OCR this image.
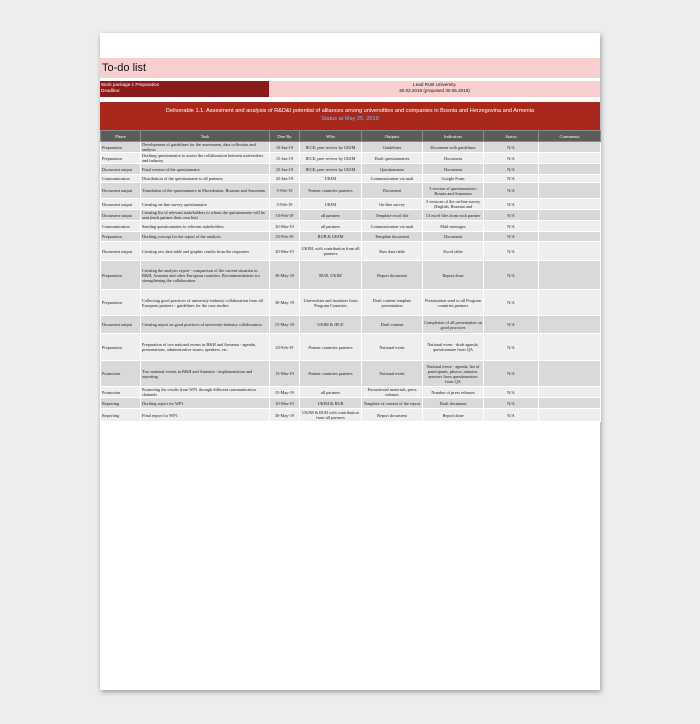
To-do list
Work package 1 Preparation
Deadline:
Lead RUB University
30.03.2019 (proposed 30.05.2019)
Deliverable 1.1. Assesment and analysis of R&D&I potential of alliances among universitties and companies in Bosnia and Herzegovina and Armenia
Status at May 25, 2019
Phase	Task	Due By	Who	Outputs	Indicators	Status	Comments
Preparation	Development of guidelines for the assessment, data collection and analysis	10-Jan-19	IECE; peer review by UKIM	Guidelines	Document with guidelines	N/A	
Preparation	Drafting questionnaire to assess the collaboration between universities and industry	15-Jan-19	IECE; peer review by UKIM	Draft questionnaires	Document	N/A	
Document output	Final version of the questionnaire	25-Jan-19	IECE; peer review by UKIM	Questionnaire	Document	N/A	
Communication	Distribution of the questionnaire to all partners	25-Jan-19	UKIM	Communication via mail	Google Form	N/A	
Document output	Translation of the questionnaire in Macedonian, Bosnian and Armenian	5-Feb-19	Partner countries partners	Document	3 version of questionnaires: Bosnia and Armenian	N/A	
Document output	Creating on-line survey questionnaire	5-Feb-19	UKIM	On-line survey	3 versions of the on-line survey (English, Bosnian and	N/A	
Document output	Creating list of relevant stakeholders to whom the questionnaire will be sent (each partner their own list)	10-Feb-19	all partners	Template excel file	13 excel files from each partner	N/A	
Communication	Sending questionnaires to relevant stakeholders	20-Mar-19	all partners	Communication via mail	Mail messages	N/A	
Preparation	Drafting concept for the report of the analysis	25-Feb-19	RUB & UKIM	Template document	Document	N/A	
Document output	Creating raw data table and graphic results from the responses	20-Mar-19	UKIM, with contribution from all partners	Raw data table	Excel table	N/A	
Preparation	Creating the analysis report - comparison of the current situation in B&H, Armenia and other European countries. Recommendations for strengthening the collaboration	30-May-19	RUB, UKIM	Report document	Report done	N/A	
Preparation	Collecting good practices of university-industry collaboration from all European partners - guidelines for the case studies	30-May-19	Universities and institutes from Program Countries	Draft content template presentation	Presentation send to all Program countries partners	N/A	
Document output	Creating report on good practices of university-industry collaboration	15-May-19	UKIM & IECE	Draft content	Completion of all presentation on good practices	N/A	
Preparation	Preparation of two national events in B&H and Armenia - agenda, presentations, administrative issues, speakers, etc.	25-Feb-19	Partner countries partners	National event	National event - draft agenda, questionnaire from QA	N/A	
Promotion	Two national events in B&H and Armenia - implementation and reporting	15-Mar-19	Partner countries partners	National event	National event - agenda, list of participants, photos, minutes, answers from questionnaires from QA	N/A	
Promotion	Promoting the results from WP1 through different communication channels	15-May-19	all partners	Promotional materials, press releases	Number of press releases	N/A	
Reporting	Drafting report for WP1	10-Mar-19	UKIM & RUB	Template of content of the report	Draft document	N/A	
Reporting	Final report for WP1	30-May-19	UKIM & RUB with contribution from all partners	Report document	Report done	N/A	
